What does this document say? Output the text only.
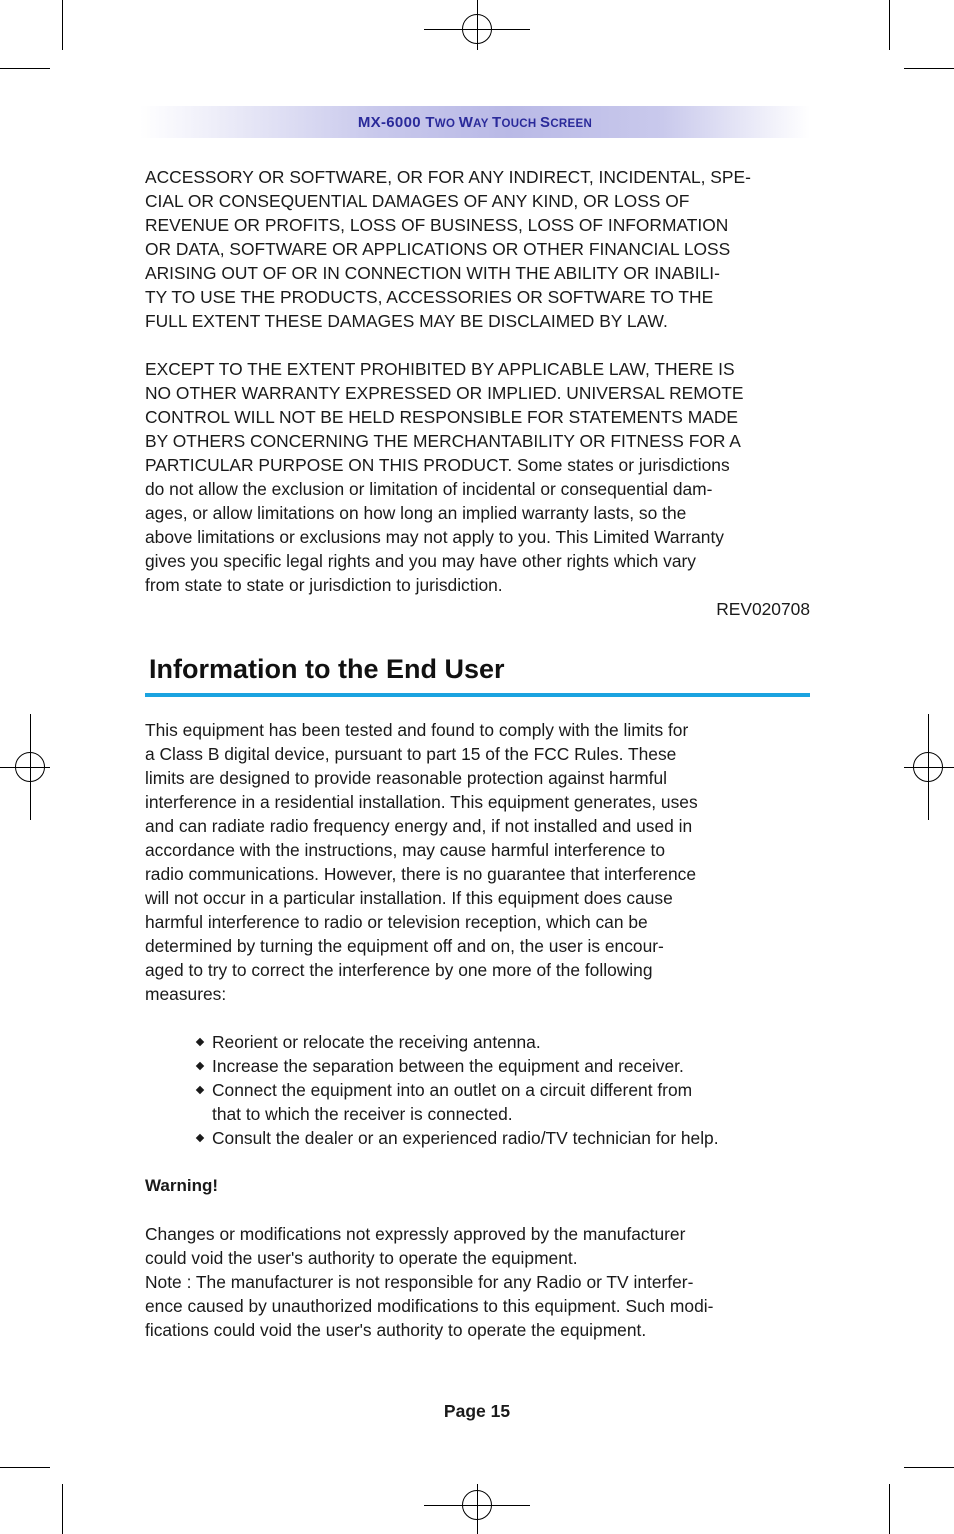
MX-6000 TWO WAY TOUCH SCREEN

ACCESSORY OR SOFTWARE, OR FOR ANY INDIRECT, INCIDENTAL, SPE-
CIAL OR CONSEQUENTIAL DAMAGES OF ANY KIND, OR LOSS OF
REVENUE OR PROFITS, LOSS OF BUSINESS, LOSS OF INFORMATION
OR DATA, SOFTWARE OR APPLICATIONS OR OTHER FINANCIAL LOSS
ARISING OUT OF OR IN CONNECTION WITH THE ABILITY OR INABILI-
TY TO USE THE PRODUCTS, ACCESSORIES OR SOFTWARE TO THE
FULL EXTENT THESE DAMAGES MAY BE DISCLAIMED BY LAW.

EXCEPT TO THE EXTENT PROHIBITED BY APPLICABLE LAW, THERE IS
NO OTHER WARRANTY EXPRESSED OR IMPLIED. UNIVERSAL REMOTE
CONTROL WILL NOT BE HELD RESPONSIBLE FOR STATEMENTS MADE
BY OTHERS CONCERNING THE MERCHANTABILITY OR FITNESS FOR A
PARTICULAR PURPOSE ON THIS PRODUCT. Some states or jurisdictions
do not allow the exclusion or limitation of incidental or consequential dam-
ages, or allow limitations on how long an implied warranty lasts, so the
above limitations or exclusions may not apply to you. This Limited Warranty
gives you specific legal rights and you may have other rights which vary
from state to state or jurisdiction to jurisdiction.

REV020708

Information to the End User

This equipment has been tested and found to comply with the limits for
a Class B digital device, pursuant to part 15 of the FCC Rules. These
limits are designed to provide reasonable protection against harmful
interference in a residential installation. This equipment generates, uses
and can radiate radio frequency energy and, if not installed and used in
accordance with the instructions, may cause harmful interference to
radio communications. However, there is no guarantee that interference
will not occur in a particular installation. If this equipment does cause
harmful interference to radio or television reception, which can be
determined by turning the equipment off and on, the user is encour-
aged to try to correct the interference by one more of the following
measures:

Reorient or relocate the receiving antenna.
Increase the separation between the equipment and receiver.
Connect the equipment into an outlet on a circuit different from
that to which the receiver is connected.
Consult the dealer or an experienced radio/TV technician for help.

Warning!

Changes or modifications not expressly approved by the manufacturer
could void the user's authority to operate the equipment.
Note : The manufacturer is not responsible for any Radio or TV interfer-
ence caused by unauthorized modifications to this equipment. Such modi-
fications could void the user's authority to operate the equipment.

Page 15
